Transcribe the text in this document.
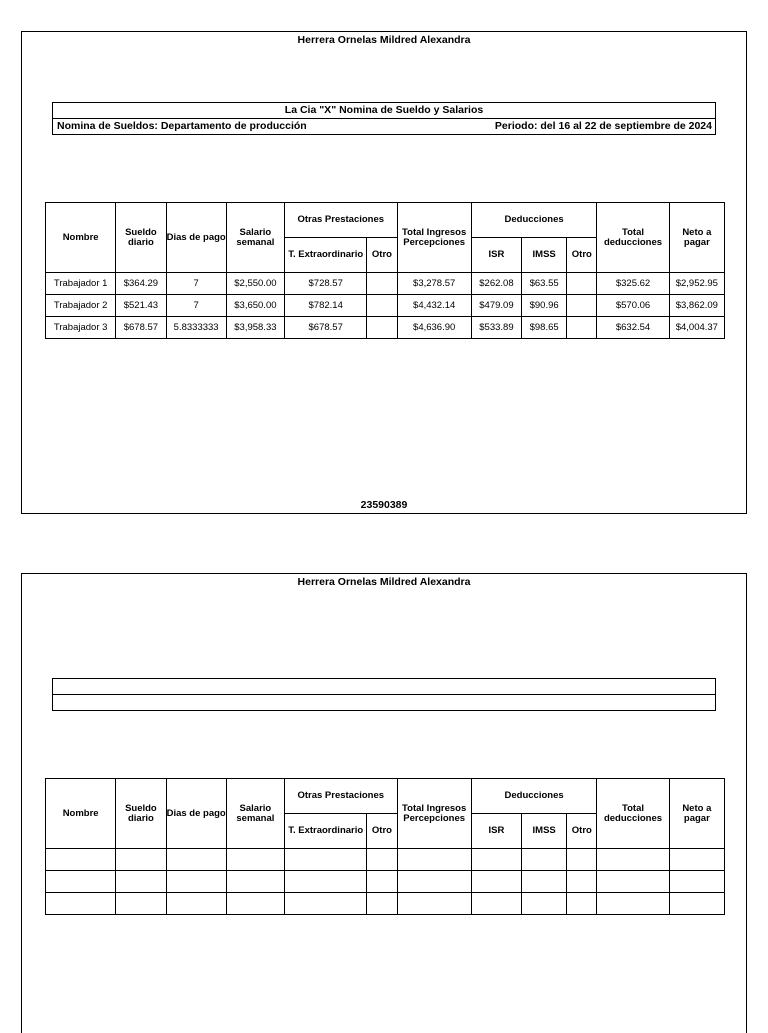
Herrera Ornelas Mildred Alexandra
La Cia "X" Nomina de Sueldo y Salarios
Nomina de Sueldos: Departamento de producción	Periodo: del 16 al 22 de septiembre de 2024
Nombre	Sueldo diario	Dias de pago	Salario semanal	Otras Prestaciones		Total Ingresos Percepciones	Deducciones			Total deducciones	Neto a pagar
				T. Extraordinario	Otro		ISR	IMSS	Otro		
Trabajador 1	$364.29	7	$2,550.00	$728.57		$3,278.57	$262.08	$63.55		$325.62	$2,952.95
Trabajador 2	$521.43	7	$3,650.00	$782.14		$4,432.14	$479.09	$90.96		$570.06	$3,862.09
Trabajador 3	$678.57	5.8333333	$3,958.33	$678.57		$4,636.90	$533.89	$98.65		$632.54	$4,004.37
23590389
Herrera Ornelas Mildred Alexandra
Nombre	Sueldo diario	Dias de pago	Salario semanal	Otras Prestaciones		Total Ingresos Percepciones	Deducciones			Total deducciones	Neto a pagar
				T. Extraordinario	Otro		ISR	IMSS	Otro		
